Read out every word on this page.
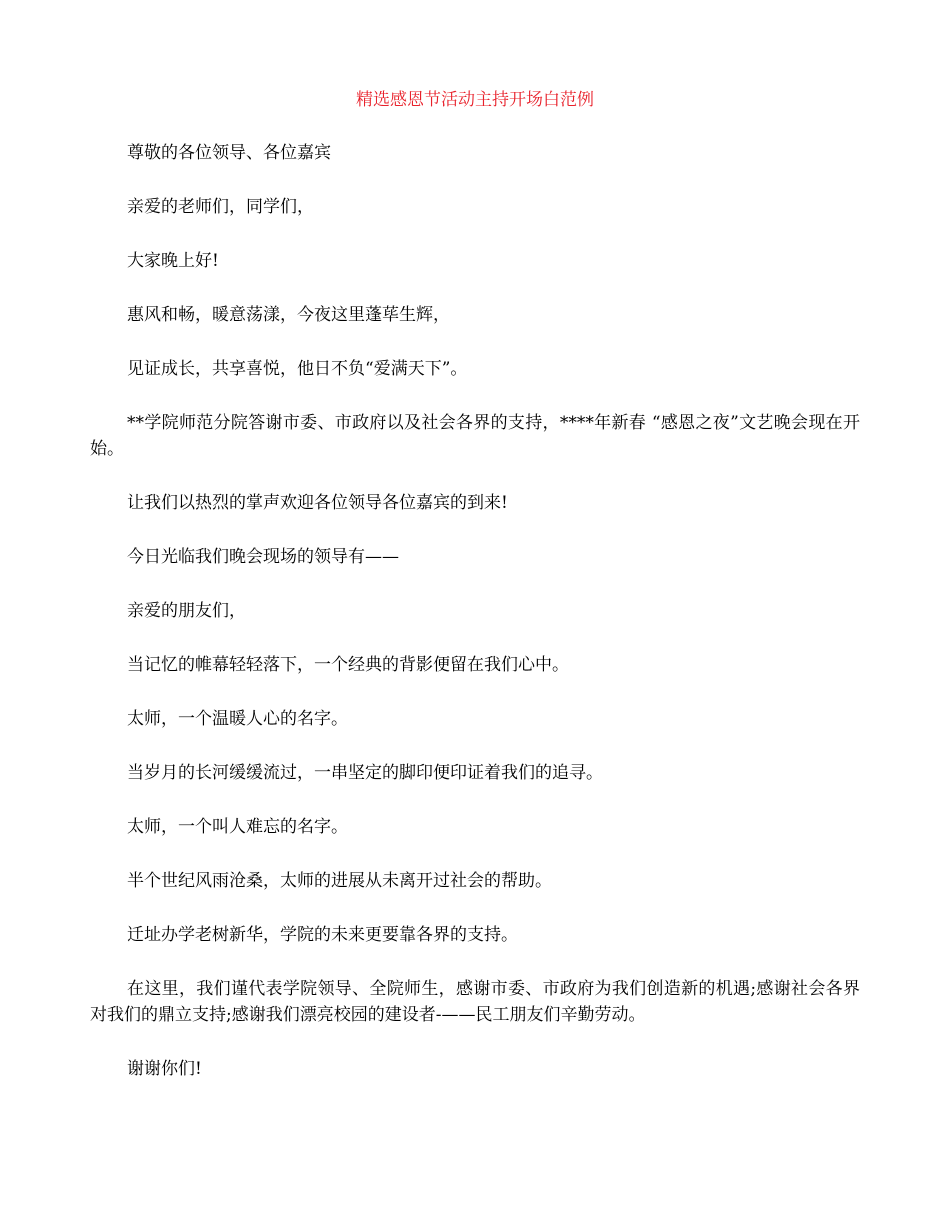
精选感恩节活动主持开场白范例

尊敬的各位领导、各位嘉宾

亲爱的老师们，同学们，

大家晚上好!

惠风和畅，暖意荡漾，今夜这里蓬荜生辉，

见证成长，共享喜悦，他日不负“爱满天下”。

**学院师范分院答谢市委、市政府以及社会各界的支持，****年新春 “感恩之夜”文艺晚会现在开始。

让我们以热烈的掌声欢迎各位领导各位嘉宾的到来!

今日光临我们晚会现场的领导有——

亲爱的朋友们，

当记忆的帷幕轻轻落下，一个经典的背影便留在我们心中。

太师，一个温暖人心的名字。

当岁月的长河缓缓流过，一串坚定的脚印便印证着我们的追寻。

太师，一个叫人难忘的名字。

半个世纪风雨沧桑，太师的进展从未离开过社会的帮助。

迁址办学老树新华，学院的未来更要靠各界的支持。

在这里，我们谨代表学院领导、全院师生，感谢市委、市政府为我们创造新的机遇;感谢社会各界对我们的鼎立支持;感谢我们漂亮校园的建设者-——民工朋友们辛勤劳动。

谢谢你们!
